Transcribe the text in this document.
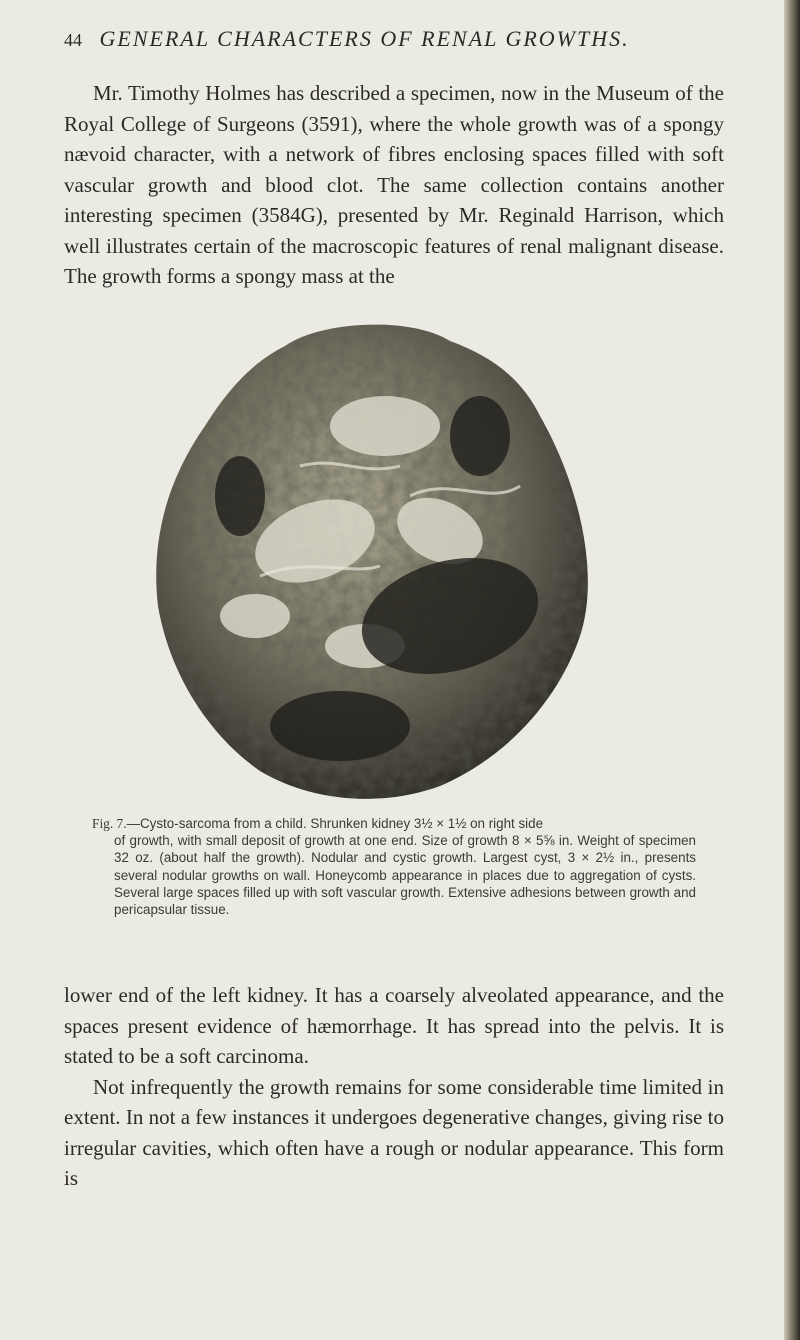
44 GENERAL CHARACTERS OF RENAL GROWTHS.

Mr. Timothy Holmes has described a specimen, now in the Museum of the Royal College of Surgeons (3591), where the whole growth was of a spongy nævoid character, with a network of fibres enclosing spaces filled with soft vascular growth and blood clot. The same collection contains another interesting specimen (3584G), presented by Mr. Reginald Harrison, which well illustrates certain of the macroscopic features of renal malignant disease. The growth forms a spongy mass at the

Fig. 7.—Cysto-sarcoma from a child. Shrunken kidney 3½ × 1½ on right side
of growth, with small deposit of growth at one end. Size of growth 8 × 5⅝ in. Weight of specimen 32 oz. (about half the growth). Nodular and cystic growth. Largest cyst, 3 × 2½ in., presents several nodular growths on wall. Honeycomb appearance in places due to aggregation of cysts. Several large spaces filled up with soft vascular growth. Extensive adhesions between growth and pericapsular tissue.

lower end of the left kidney. It has a coarsely alveolated appearance, and the spaces present evidence of hæmorrhage. It has spread into the pelvis. It is stated to be a soft carcinoma.

Not infrequently the growth remains for some considerable time limited in extent. In not a few instances it undergoes degenerative changes, giving rise to irregular cavities, which often have a rough or nodular appearance. This form is
